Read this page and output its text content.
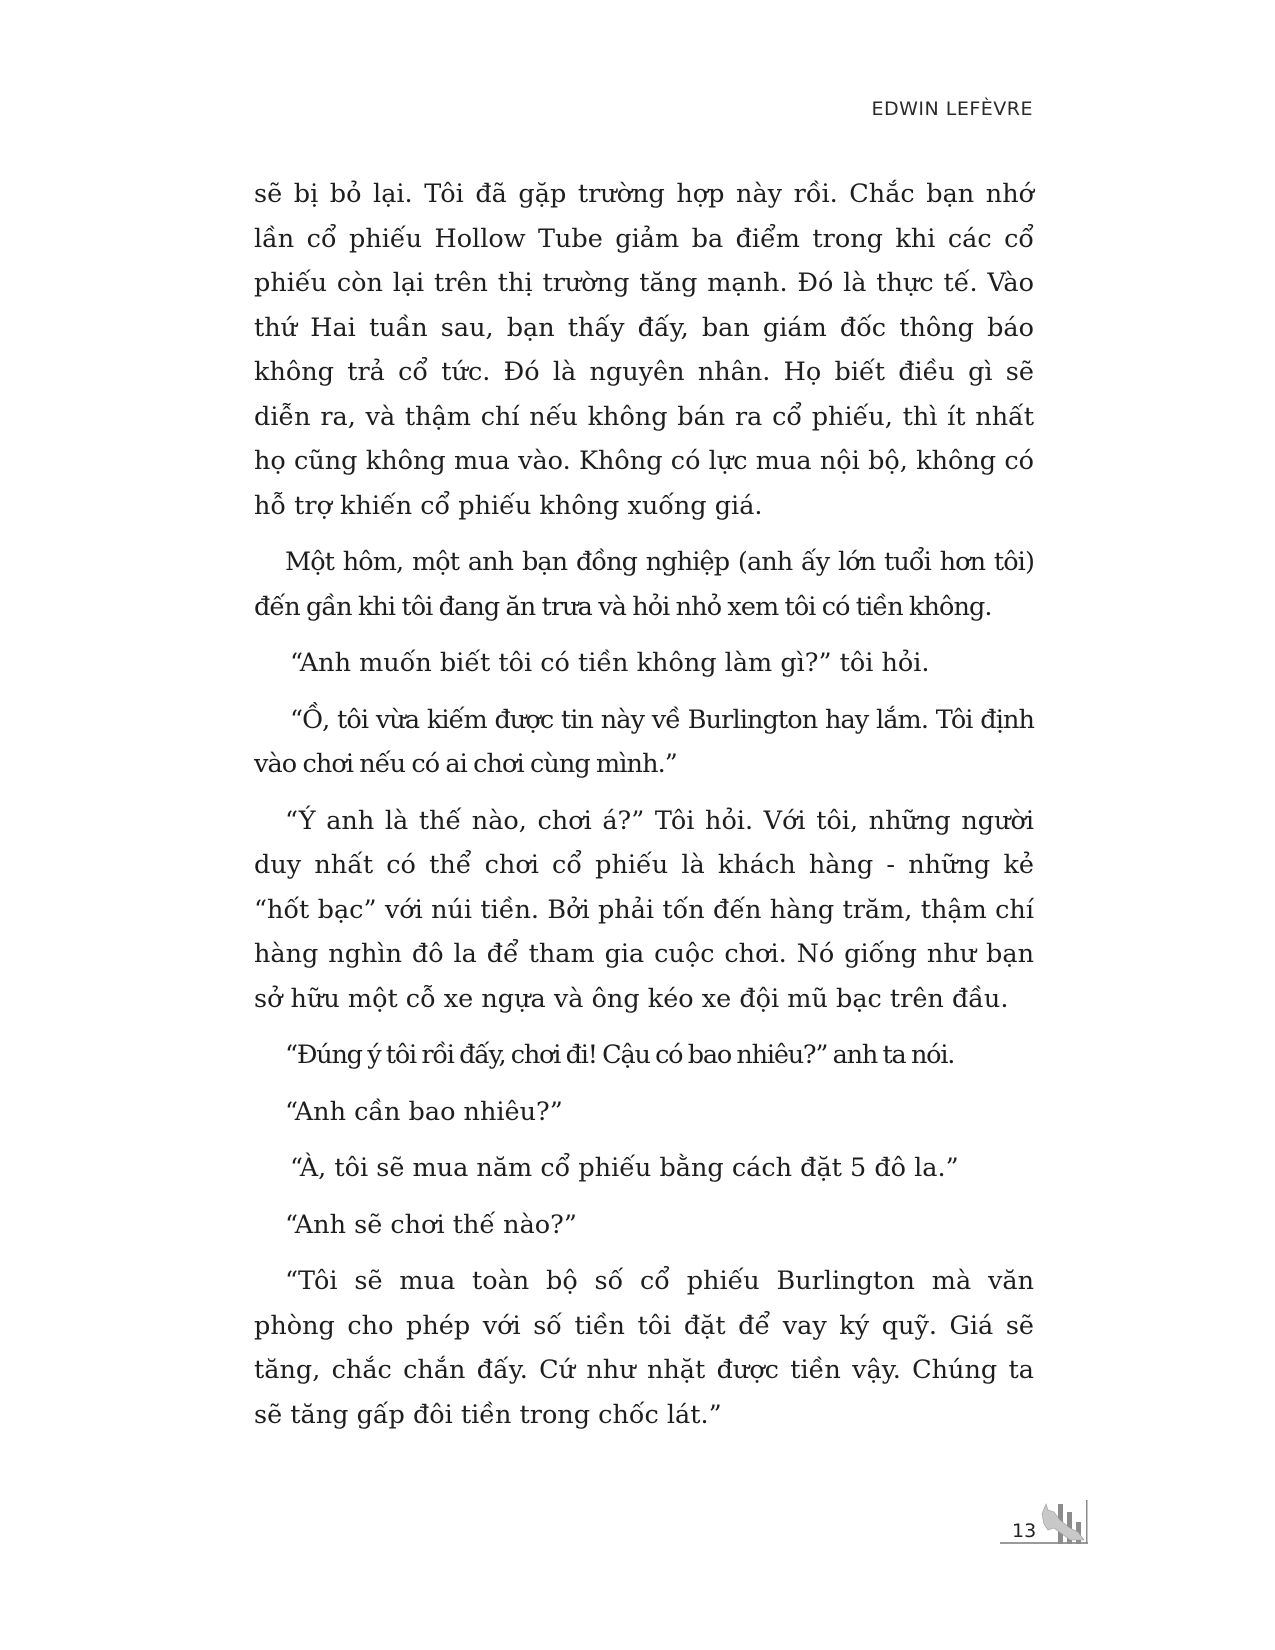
EDWIN LEFÈVRE

sẽ bị bỏ lại. Tôi đã gặp trường hợp này rồi. Chắc bạn nhớ lần cổ phiếu Hollow Tube giảm ba điểm trong khi các cổ phiếu còn lại trên thị trường tăng mạnh. Đó là thực tế. Vào thứ Hai tuần sau, bạn thấy đấy, ban giám đốc thông báo không trả cổ tức. Đó là nguyên nhân. Họ biết điều gì sẽ diễn ra, và thậm chí nếu không bán ra cổ phiếu, thì ít nhất họ cũng không mua vào. Không có lực mua nội bộ, không có hỗ trợ khiến cổ phiếu không xuống giá.

Một hôm, một anh bạn đồng nghiệp (anh ấy lớn tuổi hơn tôi) đến gần khi tôi đang ăn trưa và hỏi nhỏ xem tôi có tiền không.

“Anh muốn biết tôi có tiền không làm gì?” tôi hỏi.

“Ồ, tôi vừa kiếm được tin này về Burlington hay lắm. Tôi định vào chơi nếu có ai chơi cùng mình.”

“Ý anh là thế nào, chơi á?” Tôi hỏi. Với tôi, những người duy nhất có thể chơi cổ phiếu là khách hàng - những kẻ “hốt bạc” với núi tiền. Bởi phải tốn đến hàng trăm, thậm chí hàng nghìn đô la để tham gia cuộc chơi. Nó giống như bạn sở hữu một cỗ xe ngựa và ông kéo xe đội mũ bạc trên đầu.

“Đúng ý tôi rồi đấy, chơi đi! Cậu có bao nhiêu?” anh ta nói.

“Anh cần bao nhiêu?”

“À, tôi sẽ mua năm cổ phiếu bằng cách đặt 5 đô la.”

“Anh sẽ chơi thế nào?”

“Tôi sẽ mua toàn bộ số cổ phiếu Burlington mà văn phòng cho phép với số tiền tôi đặt để vay ký quỹ. Giá sẽ tăng, chắc chắn đấy. Cứ như nhặt được tiền vậy. Chúng ta sẽ tăng gấp đôi tiền trong chốc lát.”

13
